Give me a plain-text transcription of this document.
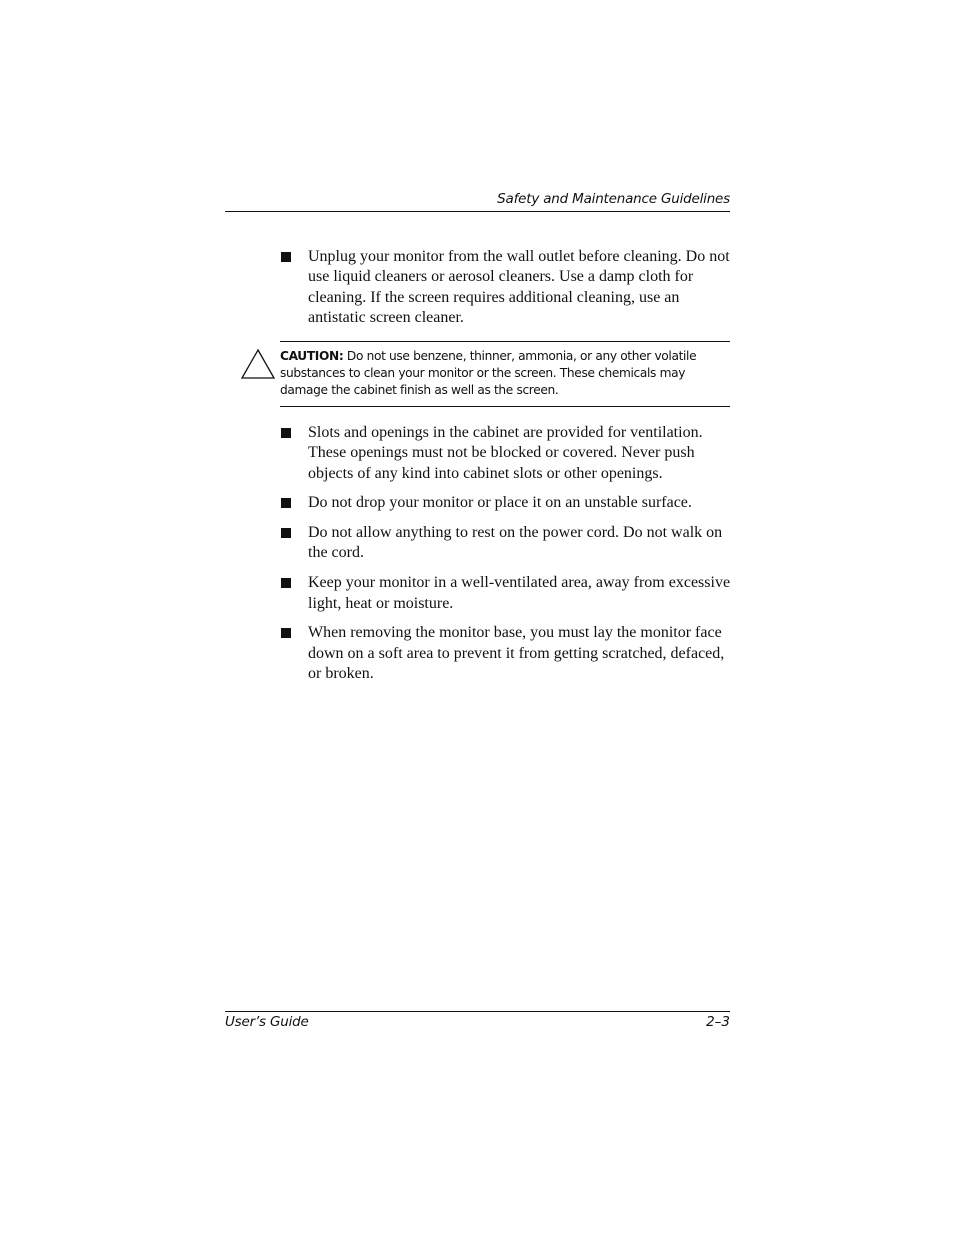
Safety and Maintenance Guidelines
Unplug your monitor from the wall outlet before cleaning. Do not use liquid cleaners or aerosol cleaners. Use a damp cloth for cleaning. If the screen requires additional cleaning, use an antistatic screen cleaner.
CAUTION: Do not use benzene, thinner, ammonia, or any other volatile substances to clean your monitor or the screen. These chemicals may damage the cabinet finish as well as the screen.
Slots and openings in the cabinet are provided for ventilation. These openings must not be blocked or covered. Never push objects of any kind into cabinet slots or other openings.
Do not drop your monitor or place it on an unstable surface.
Do not allow anything to rest on the power cord. Do not walk on the cord.
Keep your monitor in a well-ventilated area, away from excessive light, heat or moisture.
When removing the monitor base, you must lay the monitor face down on a soft area to prevent it from getting scratched, defaced, or broken.
User’s Guide	2–3
